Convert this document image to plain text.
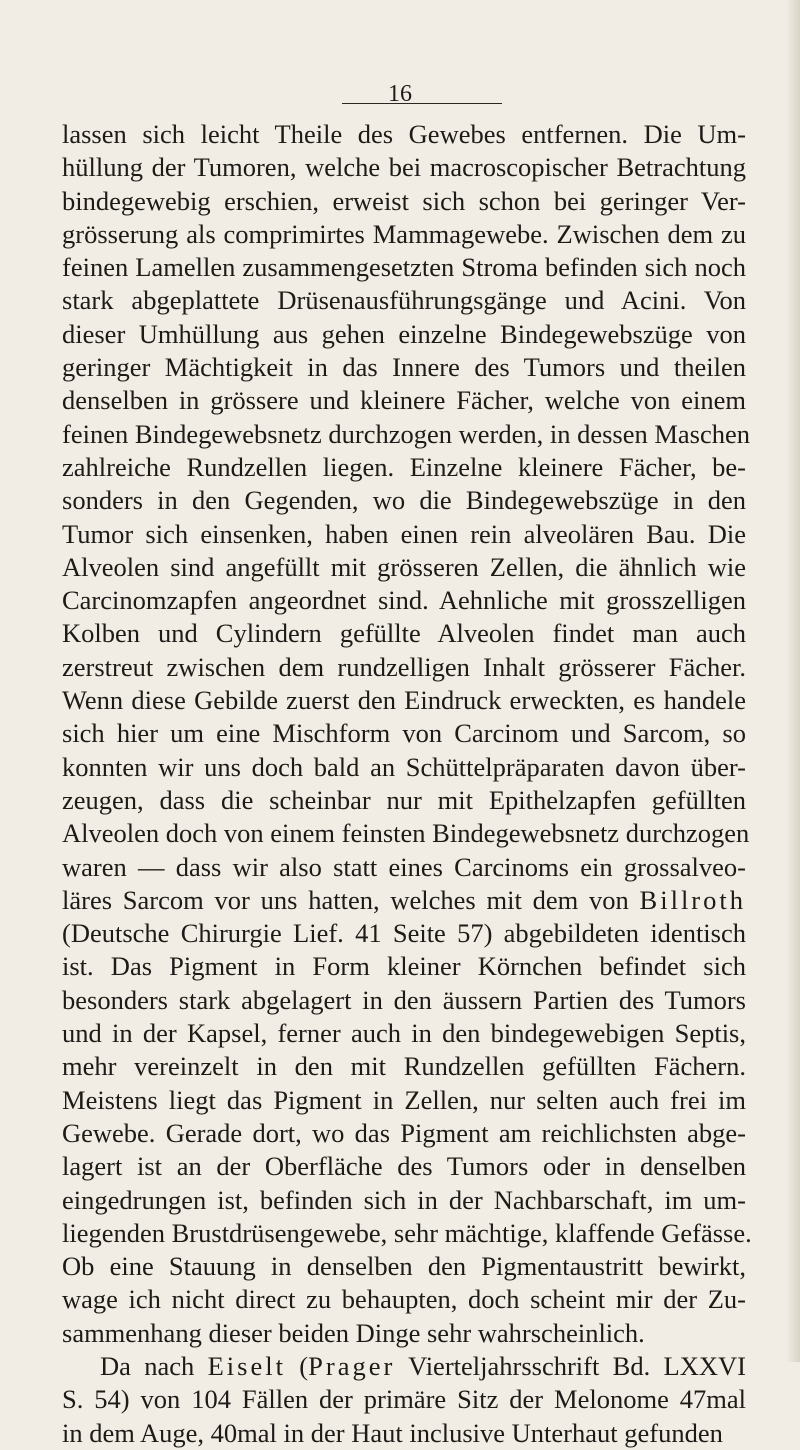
16
lassen sich leicht Theile des Gewebes entfernen. Die Um-
hüllung der Tumoren, welche bei macroscopischer Betrachtung
bindegewebig erschien, erweist sich schon bei geringer Ver-
grösserung als comprimirtes Mammagewebe. Zwischen dem zu
feinen Lamellen zusammengesetzten Stroma befinden sich noch
stark abgeplattete Drüsenausführungsgänge und Acini. Von
dieser Umhüllung aus gehen einzelne Bindegewebszüge von
geringer Mächtigkeit in das Innere des Tumors und theilen
denselben in grössere und kleinere Fächer, welche von einem
feinen Bindegewebsnetz durchzogen werden, in dessen Maschen
zahlreiche Rundzellen liegen. Einzelne kleinere Fächer, be-
sonders in den Gegenden, wo die Bindegewebszüge in den
Tumor sich einsenken, haben einen rein alveolären Bau. Die
Alveolen sind angefüllt mit grösseren Zellen, die ähnlich wie
Carcinomzapfen angeordnet sind. Aehnliche mit grosszelligen
Kolben und Cylindern gefüllte Alveolen findet man auch
zerstreut zwischen dem rundzelligen Inhalt grösserer Fächer.
Wenn diese Gebilde zuerst den Eindruck erweckten, es handele
sich hier um eine Mischform von Carcinom und Sarcom, so
konnten wir uns doch bald an Schüttelpräparaten davon über-
zeugen, dass die scheinbar nur mit Epithelzapfen gefüllten
Alveolen doch von einem feinsten Bindegewebsnetz durchzogen
waren — dass wir also statt eines Carcinoms ein grossalveo-
läres Sarcom vor uns hatten, welches mit dem von Billroth
(Deutsche Chirurgie Lief. 41 Seite 57) abgebildeten identisch
ist. Das Pigment in Form kleiner Körnchen befindet sich
besonders stark abgelagert in den äussern Partien des Tumors
und in der Kapsel, ferner auch in den bindegewebigen Septis,
mehr vereinzelt in den mit Rundzellen gefüllten Fächern.
Meistens liegt das Pigment in Zellen, nur selten auch frei im
Gewebe. Gerade dort, wo das Pigment am reichlichsten abge-
lagert ist an der Oberfläche des Tumors oder in denselben
eingedrungen ist, befinden sich in der Nachbarschaft, im um-
liegenden Brustdrüsengewebe, sehr mächtige, klaffende Gefässe.
Ob eine Stauung in denselben den Pigmentaustritt bewirkt,
wage ich nicht direct zu behaupten, doch scheint mir der Zu-
sammenhang dieser beiden Dinge sehr wahrscheinlich.
Da nach Eiselt (Prager Vierteljahrsschrift Bd. LXXVI
S. 54) von 104 Fällen der primäre Sitz der Melonome 47mal
in dem Auge, 40mal in der Haut inclusive Unterhaut gefunden
